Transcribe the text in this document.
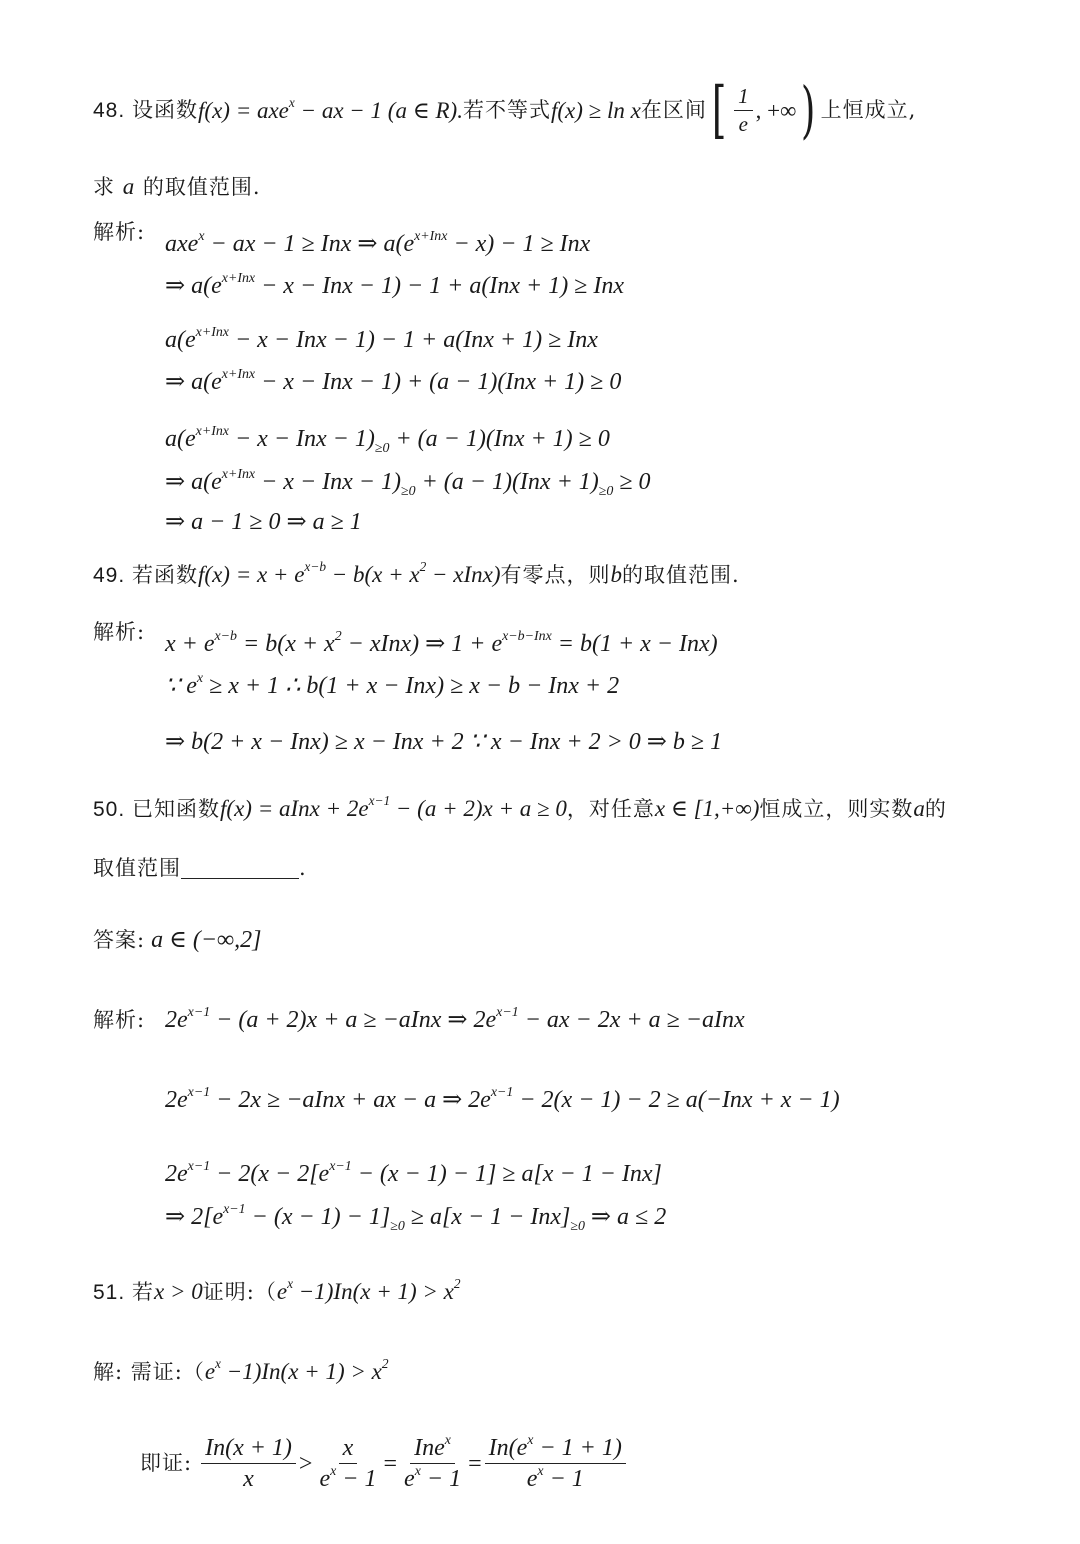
48. 设函数 f(x) = axe$^x$ − ax − 1 (a ∈ R). 若不等式 f(x) ≥ ln x 在区间 [ $\frac{1}{e}$ , +∞ ) 上恒成立,
求 a 的取值范围.
解析: axe$^x$ − ax − 1 ≥ Inx ⇒ $a(e^{x+Inx} - x) - 1$ ≥ Inx
⇒ $a(e^{x+Inx} - x$ − Inx − 1) − 1 + a(Inx + 1) ≥ Inx
$a(e^{x+Inx} - x$ − Inx − 1) − 1 + a(Inx + 1) ≥ Inx
⇒ $a(e^{x+Inx} - x$ − Inx − 1) + (a − 1)(Inx + 1) ≥ 0
$a(e^{x+Inx} - x$ − Inx − $1)_{\ge 0} + (a - 1)(Inx + 1) \ge 0$
⇒ $a(e^{x+Inx} - x$ − Inx − $1)_{\ge 0} + (a - 1)(Inx + 1)_{\ge 0} \ge 0$
⇒ a − 1 ≥ 0 ⇒ a ≥ 1
49. 若函数 $f(x) = x + e^{x-b} - b(x + x^2$ − xInx) 有零点，则 b 的取值范围.
解析: $x + e^{x-b} = b(x + x^2$ − xInx) ⇒ $1 + e^{x-b-Inx} = b(1 + x - Inx)$
∵ $e^x \ge x + 1$ ∴ b(1 + x − Inx) ≥ x − b − Inx + 2
⇒ b(2 + x − Inx) ≥ x − Inx + 2 ∵ x − Inx + 2 > 0 ⇒ b ≥ 1
50. 已知函数 f(x) = aInx + $2e^{x-1} - (a + 2)x + a \ge 0$ ，对任意 x ∈ [1,+∞) 恒成立，则实数 a 的
取值范围	.
答案: a ∈ (−∞,2]
解析: $2e^{x-1} - (a + 2)x + a$ ≥ −aInx ⇒ $2e^{x-1}$ − ax − 2x + a ≥ −aInx
$2e^{x-1} - 2x$ ≥ −aInx + ax − a ⇒ $2e^{x-1} - 2(x - 1) - 2 \ge a(-Inx + x - 1)$
$2e^{x-1} - 2(x - 2[e^{x-1} - (x - 1) - 1] \ge a[x - 1 - Inx]$
⇒ $2[e^{x-1} - (x - 1) - 1]_{\ge 0} \ge a[x - 1 - Inx]_{\ge 0}$ ⇒ a ≤ 2
51. 若 x > 0 证明:（ $e^x -1)In(x + 1) > x^2$
解: 需证:（ $e^x -1)In(x + 1) > x^2$
即证: $\frac{In(x + 1)}{x} > \frac{x}{e^x - 1} = \frac{Ine^x}{e^x - 1} = \frac{In(e^x - 1 + 1)}{e^x - 1}$
